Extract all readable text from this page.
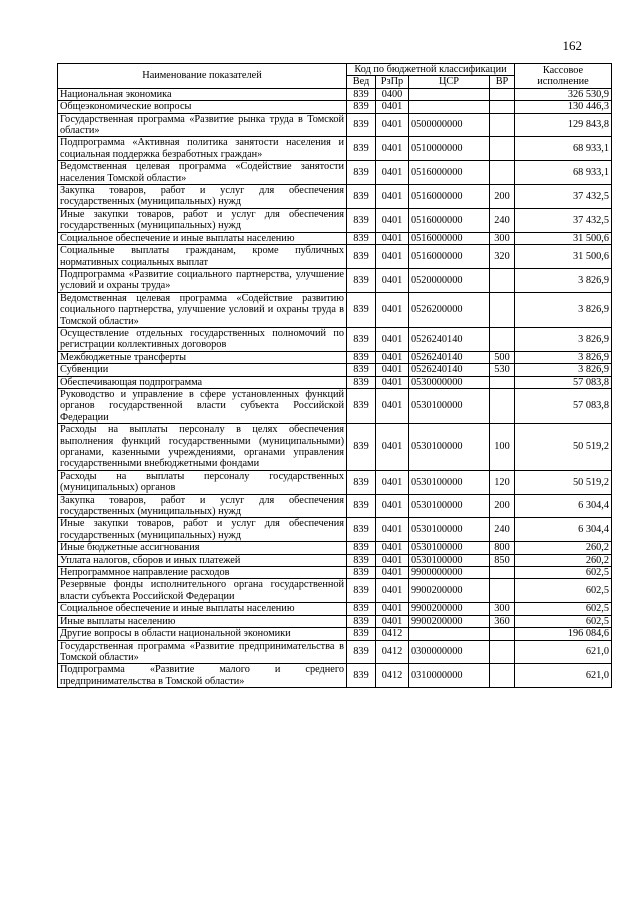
162
Наименование показателей	Код по бюджетной классификации				Кассовое исполнение
	Вед	РзПр	ЦСР	ВР	
Национальная экономика	839	0400			326 530,9
Общеэкономические вопросы	839	0401			130 446,3
Государственная программа «Развитие рынка труда в Томской области»	839	0401	0500000000		129 843,8
Подпрограмма «Активная политика занятости населения и социальная поддержка безработных граждан»	839	0401	0510000000		68 933,1
Ведомственная целевая программа «Содействие занятости населения Томской области»	839	0401	0516000000		68 933,1
Закупка товаров, работ и услуг для обеспечения государственных (муниципальных) нужд	839	0401	0516000000	200	37 432,5
Иные закупки товаров, работ и услуг для обеспечения государственных (муниципальных) нужд	839	0401	0516000000	240	37 432,5
Социальное обеспечение и иные выплаты населению	839	0401	0516000000	300	31 500,6
Социальные выплаты гражданам, кроме публичных нормативных социальных выплат	839	0401	0516000000	320	31 500,6
Подпрограмма «Развитие социального партнерства, улучшение условий и охраны труда»	839	0401	0520000000		3 826,9
Ведомственная целевая программа «Содействие развитию социального партнерства, улучшение условий и охраны труда в Томской области»	839	0401	0526200000		3 826,9
Осуществление отдельных государственных полномочий по регистрации коллективных договоров	839	0401	0526240140		3 826,9
Межбюджетные трансферты	839	0401	0526240140	500	3 826,9
Субвенции	839	0401	0526240140	530	3 826,9
Обеспечивающая подпрограмма	839	0401	0530000000		57 083,8
Руководство и управление в сфере установленных функций органов государственной власти субъекта Российской Федерации	839	0401	0530100000		57 083,8
Расходы на выплаты персоналу в целях обеспечения выполнения функций государственными (муниципальными) органами, казенными учреждениями, органами управления государственными внебюджетными фондами	839	0401	0530100000	100	50 519,2
Расходы на выплаты персоналу государственных (муниципальных) органов	839	0401	0530100000	120	50 519,2
Закупка товаров, работ и услуг для обеспечения государственных (муниципальных) нужд	839	0401	0530100000	200	6 304,4
Иные закупки товаров, работ и услуг для обеспечения государственных (муниципальных) нужд	839	0401	0530100000	240	6 304,4
Иные бюджетные ассигнования	839	0401	0530100000	800	260,2
Уплата налогов, сборов и иных платежей	839	0401	0530100000	850	260,2
Непрограммное направление расходов	839	0401	9900000000		602,5
Резервные фонды исполнительного органа государственной власти субъекта Российской Федерации	839	0401	9900200000		602,5
Социальное обеспечение и иные выплаты населению	839	0401	9900200000	300	602,5
Иные выплаты населению	839	0401	9900200000	360	602,5
Другие вопросы в области национальной экономики	839	0412			196 084,6
Государственная программа «Развитие предпринимательства в Томской области»	839	0412	0300000000		621,0
Подпрограмма «Развитие малого и среднего предпринимательства в Томской области»	839	0412	0310000000		621,0
